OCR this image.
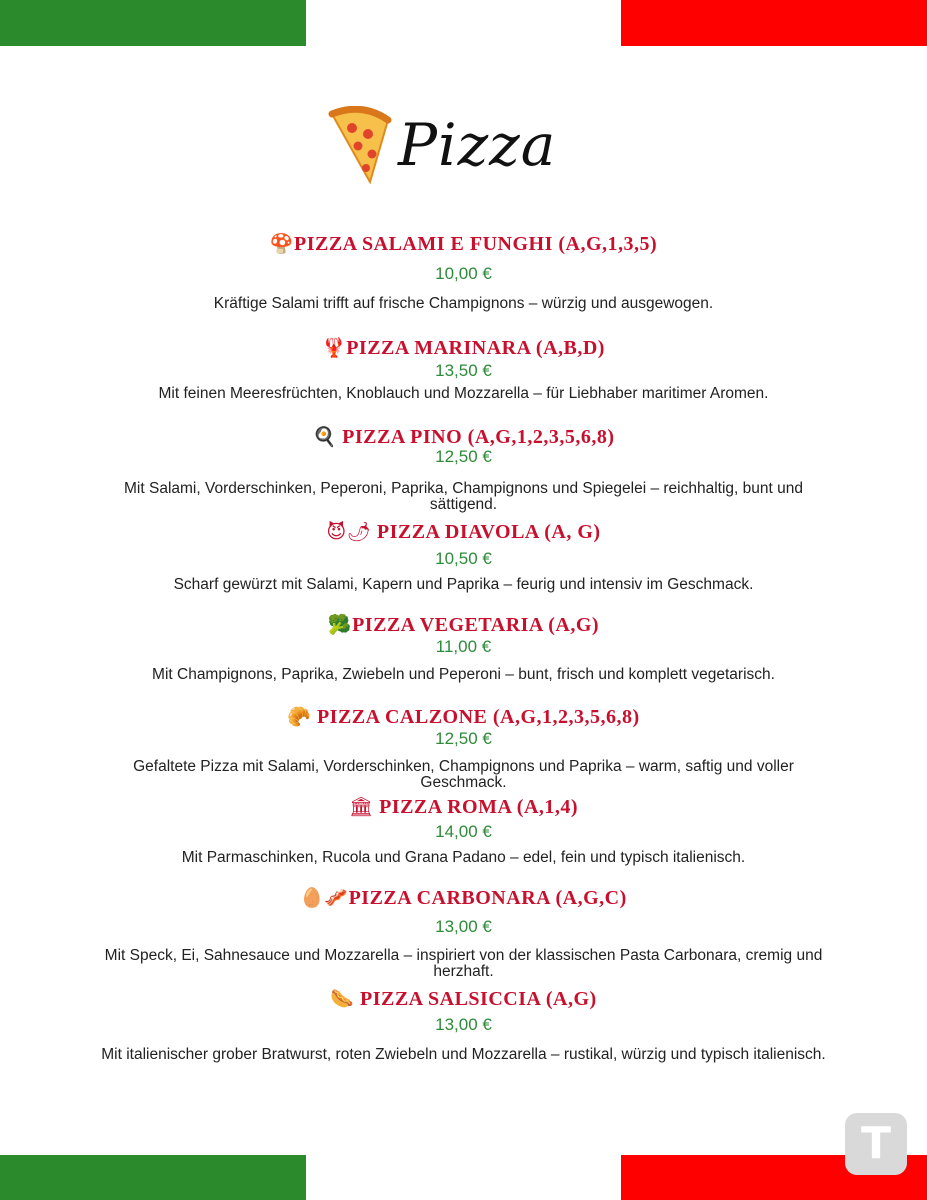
Pizza
🍄PIZZA SALAMI E FUNGHI (A,G,1,3,5)
10,00 €
Kräftige Salami trifft auf frische Champignons – würzig und ausgewogen.
🦞PIZZA MARINARA (A,B,D)
13,50 €
Mit feinen Meeresfrüchten, Knoblauch und Mozzarella – für Liebhaber maritimer Aromen.
🍳 PIZZA PINO (A,G,1,2,3,5,6,8)
12,50 €
Mit Salami, Vorderschinken, Peperoni, Paprika, Champignons und Spiegelei – reichhaltig, bunt und sättigend.
😈🌶 PIZZA DIAVOLA (A, G)
10,50 €
Scharf gewürzt mit Salami, Kapern und Paprika – feurig und intensiv im Geschmack.
🥦PIZZA VEGETARIA (A,G)
11,00 €
Mit Champignons, Paprika, Zwiebeln und Peperoni – bunt, frisch und komplett vegetarisch.
🥐 PIZZA CALZONE (A,G,1,2,3,5,6,8)
12,50 €
Gefaltete Pizza mit Salami, Vorderschinken, Champignons und Paprika – warm, saftig und voller Geschmack.
🏛 PIZZA ROMA (A,1,4)
14,00 €
Mit Parmaschinken, Rucola und Grana Padano – edel, fein und typisch italienisch.
🥚🥓PIZZA CARBONARA (A,G,C)
13,00 €
Mit Speck, Ei, Sahnesauce und Mozzarella – inspiriert von der klassischen Pasta Carbonara, cremig und herzhaft.
🌭 PIZZA SALSICCIA (A,G)
13,00 €
Mit italienischer grober Bratwurst, roten Zwiebeln und Mozzarella – rustikal, würzig und typisch italienisch.
T
